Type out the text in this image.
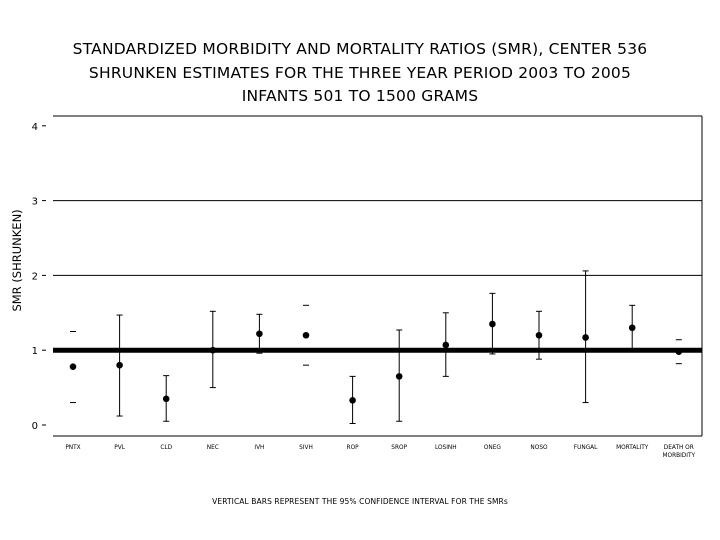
STANDARDIZED MORBIDITY AND MORTALITY RATIOS (SMR), CENTER 536
SHRUNKEN ESTIMATES FOR THE THREE YEAR PERIOD 2003 TO 2005
INFANTS 501 TO 1500 GRAMS
0
1
2
3
4
SMR (SHRUNKEN)
PNTX	PVL	CLD	NEC	IVH	SIVH	ROP	SROP	LOSINH	ONEG	NOSO	FUNGAL	MORTALITY	DEATH OR
MORBIDITY
VERTICAL BARS REPRESENT THE 95% CONFIDENCE INTERVAL FOR THE SMRs
